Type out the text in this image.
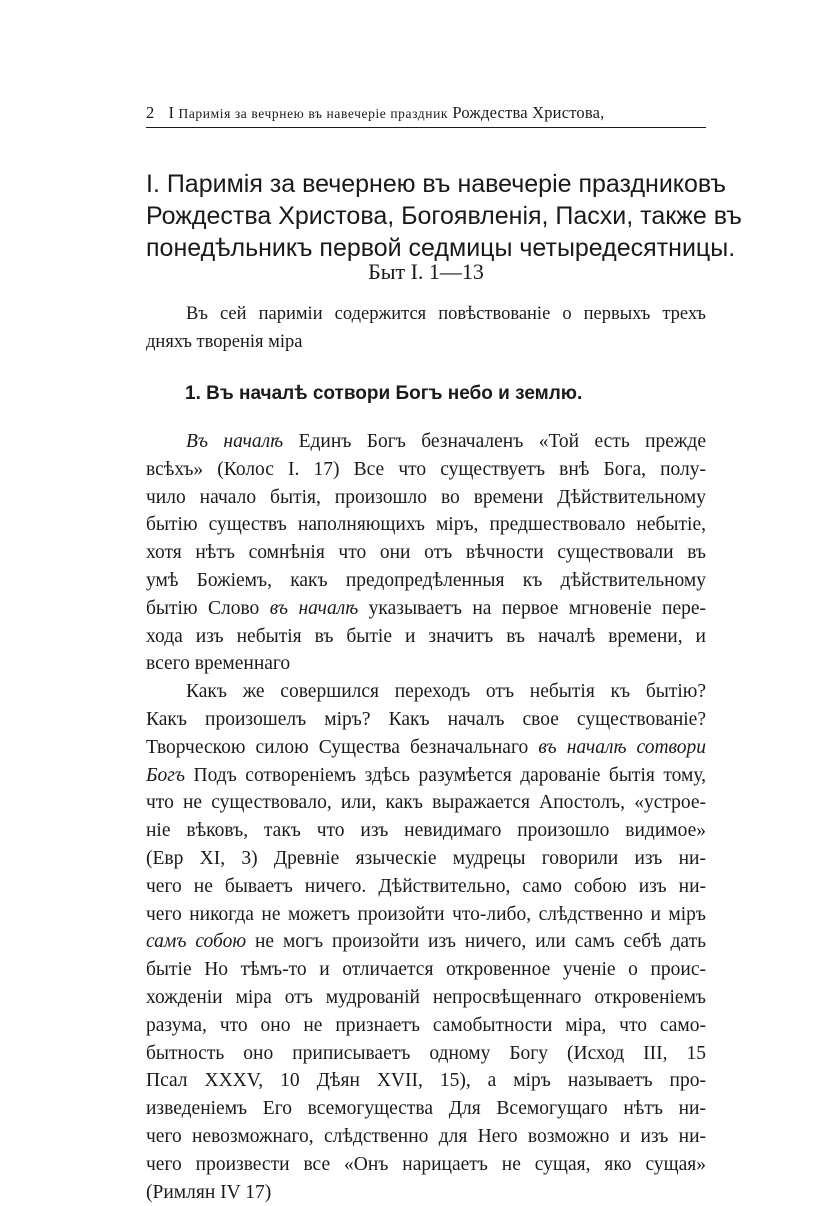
2 I Паримія за вечрнею въ навечеріе праздник Рождества Христова,
I. Паримія за вечернею въ навечеріе праздниковъ
Рождества Христова, Богоявленія, Пасхи, также въ
понедѣльникъ первой седмицы четыредесятницы.
Быт I. 1—13
Въ сей париміи содержится повѣствованіе о первыхъ трехъ
дняхъ творенія міра
1. Въ началѣ сотвори Богъ небо и землю.
Въ началѣ Единъ Богъ безначаленъ «Той есть прежде
всѣхъ» (Колос I. 17) Все что существуетъ внѣ Бога, полу-
чило начало бытія, произошло во времени Дѣйствительному
бытію существъ наполняющихъ міръ, предшествовало небытіе,
хотя нѣтъ сомнѣнія что они отъ вѣчности существовали въ
умѣ Божіемъ, какъ предопредѣленныя къ дѣйствительному
бытію Слово въ началѣ указываетъ на первое мгновеніе пере-
хода изъ небытія въ бытіе и значитъ въ началѣ времени, и
всего временнаго
Какъ же совершился переходъ отъ небытія къ бытію?
Какъ произошелъ міръ? Какъ началъ свое существованіе?
Творческою силою Существа безначальнаго въ началѣ сотвори
Богъ Подъ сотвореніемъ здѣсь разумѣется дарованіе бытія тому,
что не существовало, или, какъ выражается Апостолъ, «устрое-
ніе вѣковъ, такъ что изъ невидимаго произошло видимое»
(Евр XI, 3) Древніе языческіе мудрецы говорили изъ ни-
чего не бываетъ ничего. Дѣйствительно, само собою изъ ни-
чего никогда не можетъ произойти что-либо, слѣдственно и міръ
самъ собою не могъ произойти изъ ничего, или самъ себѣ дать
бытіе Но тѣмъ-то и отличается откровенное ученіе о проис-
хожденіи міра отъ мудрованій непросвѣщеннаго откровеніемъ
разума, что оно не признаетъ самобытности міра, что само-
бытность оно приписываетъ одному Богу (Исход III, 15
Псал XXXV, 10 Дѣян XVII, 15), а міръ называетъ про-
изведеніемъ Его всемогущества Для Всемогущаго нѣтъ ни-
чего невозможнаго, слѣдственно для Него возможно и изъ ни-
чего произвести все «Онъ нарицаетъ не сущая, яко сущая»
(Римлян IV 17)
